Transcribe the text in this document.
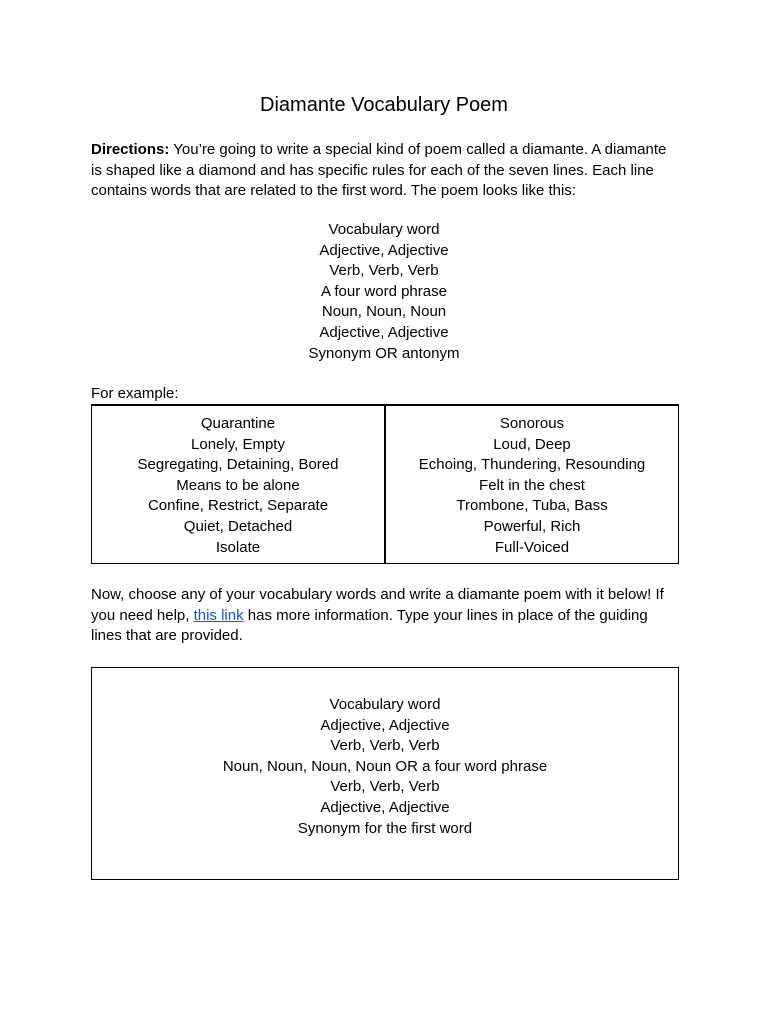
Diamante Vocabulary Poem
Directions: You’re going to write a special kind of poem called a diamante. A diamante is shaped like a diamond and has specific rules for each of the seven lines. Each line contains words that are related to the first word. The poem looks like this:
Vocabulary word
Adjective, Adjective
Verb, Verb, Verb
A four word phrase
Noun, Noun, Noun
Adjective, Adjective
Synonym OR antonym
For example:
Quarantine
Lonely, Empty
Segregating, Detaining, Bored
Means to be alone
Confine, Restrict, Separate
Quiet, Detached
Isolate
Sonorous
Loud, Deep
Echoing, Thundering, Resounding
Felt in the chest
Trombone, Tuba, Bass
Powerful, Rich
Full-Voiced
Now, choose any of your vocabulary words and write a diamante poem with it below! If you need help, this link has more information. Type your lines in place of the guiding lines that are provided.
Vocabulary word
Adjective, Adjective
Verb, Verb, Verb
Noun, Noun, Noun, Noun OR a four word phrase
Verb, Verb, Verb
Adjective, Adjective
Synonym for the first word
